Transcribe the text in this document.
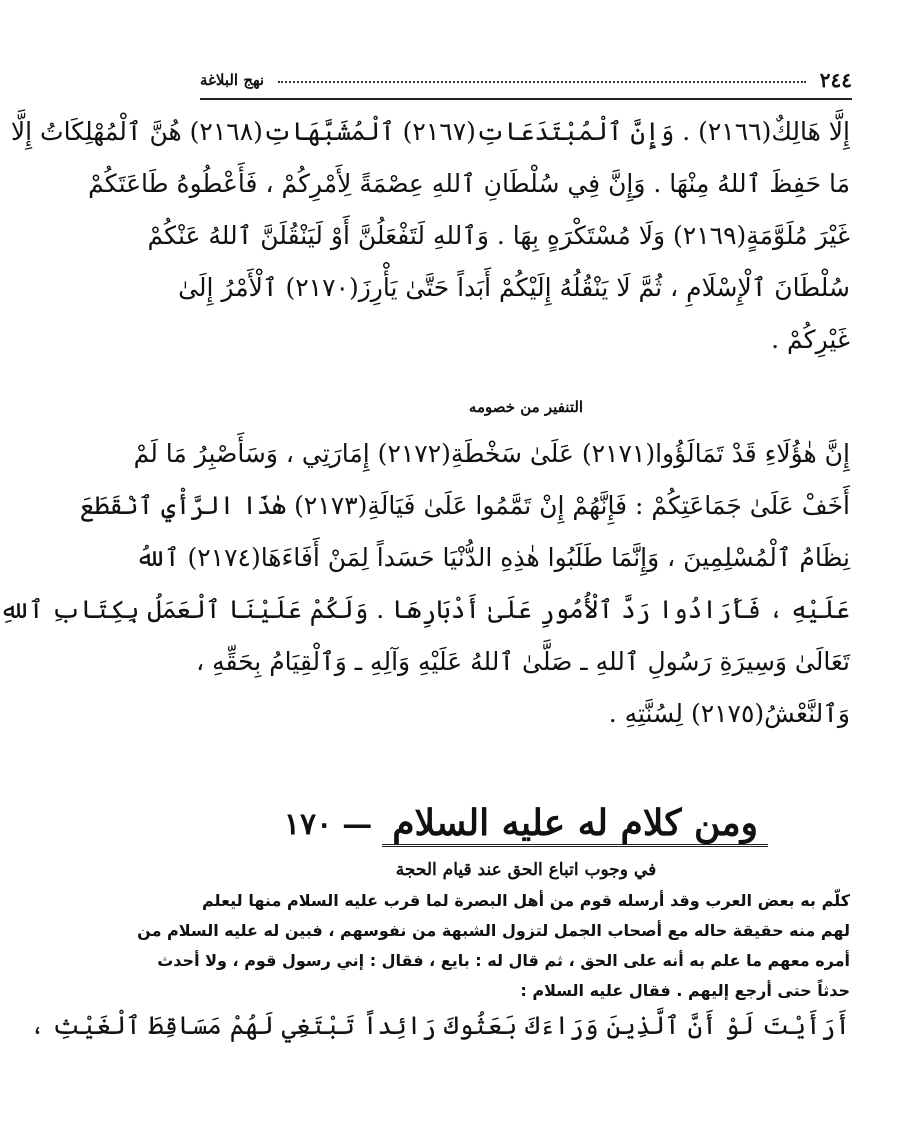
٢٤٤
نهج البلاغة
إِلَّا هَالِكٌ(٢١٦٦) . وَإِنَّ ٱلْمُبْتَدَعَاتِ(٢١٦٧) ٱلْمُشَبَّهَاتِ(٢١٦٨) هُنَّ ٱلْمُهْلِكَاتُ إِلَّا
مَا حَفِظَ ٱللهُ مِنْهَا . وَإِنَّ فِي سُلْطَانِ ٱللهِ عِصْمَةً لِأَمْرِكُمْ ، فَأَعْطُوهُ طَاعَتَكُمْ
غَيْرَ مُلَوَّمَةٍ(٢١٦٩) وَلَا مُسْتَكْرَهٍ بِهَا . وَٱللهِ لَتَفْعَلُنَّ أَوْ لَيَنْقُلَنَّ ٱللهُ عَنْكُمْ
سُلْطَانَ ٱلْإِسْلَامِ ، ثُمَّ لَا يَنْقُلُهُ إِلَيْكُمْ أَبَداً حَتَّىٰ يَأْرِزَ(٢١٧٠) ٱلْأَمْرُ إِلَىٰ
غَيْرِكُمْ .
التنفير من خصومه
إِنَّ هٰؤُلَاءِ قَدْ تَمَالَؤُوا(٢١٧١) عَلَىٰ سَخْطَةِ(٢١٧٢) إِمَارَتِي ، وَسَأَصْبِرُ مَا لَمْ
أَخَفْ عَلَىٰ جَمَاعَتِكُمْ : فَإِنَّهُمْ إِنْ تَمَّمُوا عَلَىٰ فَيَالَةِ(٢١٧٣) هٰذَا الرَّأْيِ ٱنْقَطَعَ
نِظَامُ ٱلْمُسْلِمِينَ ، وَإِنَّمَا طَلَبُوا هٰذِهِ الدُّنْيَا حَسَداً لِمَنْ أَفَاءَهَا(٢١٧٤) ٱللهُ
عَلَيْهِ ، فَأَرَادُوا رَدَّ ٱلْأُمُورِ عَلَىٰ أَدْبَارِهَا . وَلَكُمْ عَلَيْنَا ٱلْعَمَلُ بِكِتَابِ ٱللهِ
تَعَالَىٰ وَسِيرَةِ رَسُولِ ٱللهِ ـ صَلَّىٰ ٱللهُ عَلَيْهِ وَآلِهِ ـ وَٱلْقِيَامُ بِحَقِّهِ ،
وَٱلنَّعْشُ(٢١٧٥) لِسُنَّتِهِ .
ومن كلام له عليه السلام
—
١٧٠
في وجوب اتباع الحق عند قيام الحجة
كلّم به بعض العرب وقد أرسله قوم من أهل البصرة لما قرب عليه السلام منها ليعلم
لهم منه حقيقة حاله مع أصحاب الجمل لتزول الشبهة من نفوسهم ، فبين له عليه السلام من
أمره معهم ما علم به أنه على الحق ، ثم قال له : بايع ، فقال : إني رسول قوم ، ولا أحدث
حدثاً حتى أرجع إليهم . فقال عليه السلام :
أَرَأَيْتَ لَوْ أَنَّ ٱلَّذِينَ وَرَاءَكَ بَعَثُوكَ رَائِداً تَبْتَغِي لَهُمْ مَسَاقِطَ ٱلْغَيْثِ ،
